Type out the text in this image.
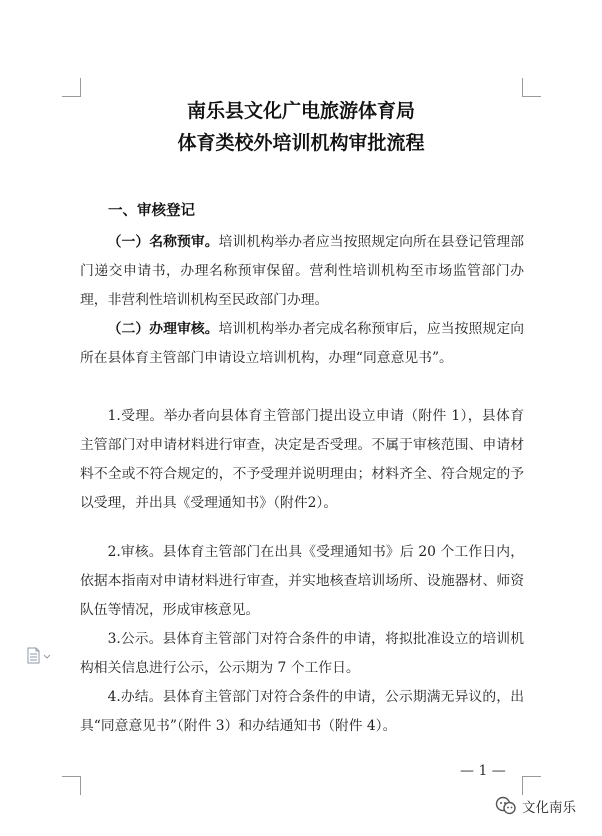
南乐县文化广电旅游体育局
体育类校外培训机构审批流程
一、审核登记

（一）名称预审。培训机构举办者应当按照规定向所在县登记管理部门递交申请书，办理名称预审保留。营利性培训机构至市场监管部门办理，非营利性培训机构至民政部门办理。

（二）办理审核。培训机构举办者完成名称预审后，应当按照规定向所在县体育主管部门申请设立培训机构，办理“同意意见书”。

1.受理。举办者向县体育主管部门提出设立申请（附件 1），县体育主管部门对申请材料进行审查，决定是否受理。不属于审核范围、申请材料不全或不符合规定的，不予受理并说明理由；材料齐全、符合规定的予以受理，并出具《受理通知书》（附件2）。

2.审核。县体育主管部门在出具《受理通知书》后 20 个工作日内，依据本指南对申请材料进行审查，并实地核查培训场所、设施器材、师资队伍等情况，形成审核意见。

3.公示。县体育主管部门对符合条件的申请，将拟批准设立的培训机构相关信息进行公示，公示期为 7 个工作日。

4.办结。县体育主管部门对符合条件的申请，公示期满无异议的，出具“同意意见书”（附件 3）和办结通知书（附件 4）。

— 1 —
文化南乐
